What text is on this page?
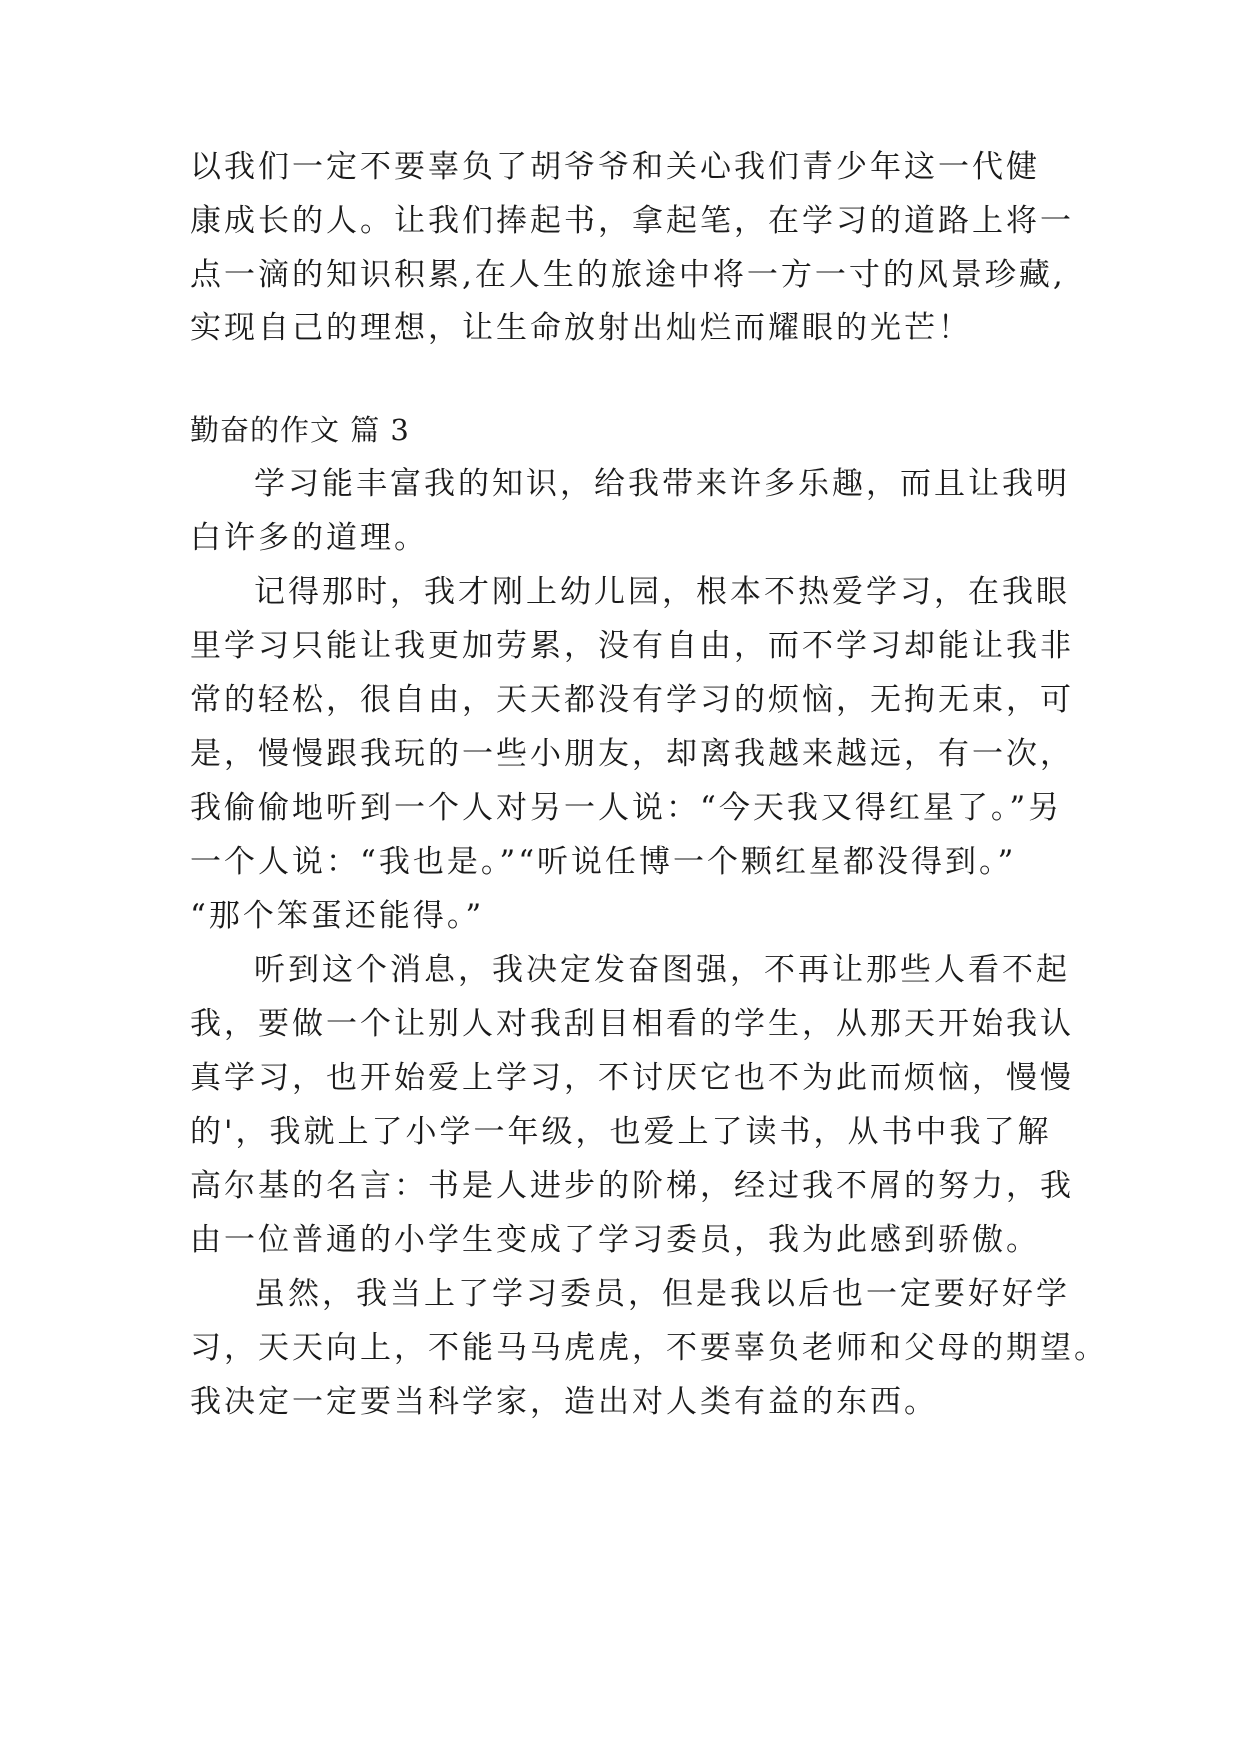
以我们一定不要辜负了胡爷爷和关心我们青少年这一代健
康成长的人。让我们捧起书，拿起笔，在学习的道路上将一
点一滴的知识积累,在人生的旅途中将一方一寸的风景珍藏,
实现自己的理想，让生命放射出灿烂而耀眼的光芒！
勤奋的作文 篇 3
学习能丰富我的知识，给我带来许多乐趣，而且让我明
白许多的道理。
记得那时，我才刚上幼儿园，根本不热爱学习，在我眼
里学习只能让我更加劳累，没有自由，而不学习却能让我非
常的轻松，很自由，天天都没有学习的烦恼，无拘无束，可
是，慢慢跟我玩的一些小朋友，却离我越来越远，有一次，
我偷偷地听到一个人对另一人说：“今天我又得红星了。”另
一个人说：“我也是。”“听说任博一个颗红星都没得到。”
“那个笨蛋还能得。”
听到这个消息，我决定发奋图强，不再让那些人看不起
我，要做一个让别人对我刮目相看的学生，从那天开始我认
真学习，也开始爱上学习，不讨厌它也不为此而烦恼，慢慢
的'，我就上了小学一年级，也爱上了读书，从书中我了解
高尔基的名言：书是人进步的阶梯，经过我不屑的努力，我
由一位普通的小学生变成了学习委员，我为此感到骄傲。
虽然，我当上了学习委员，但是我以后也一定要好好学
习，天天向上，不能马马虎虎，不要辜负老师和父母的期望。
我决定一定要当科学家，造出对人类有益的东西。
